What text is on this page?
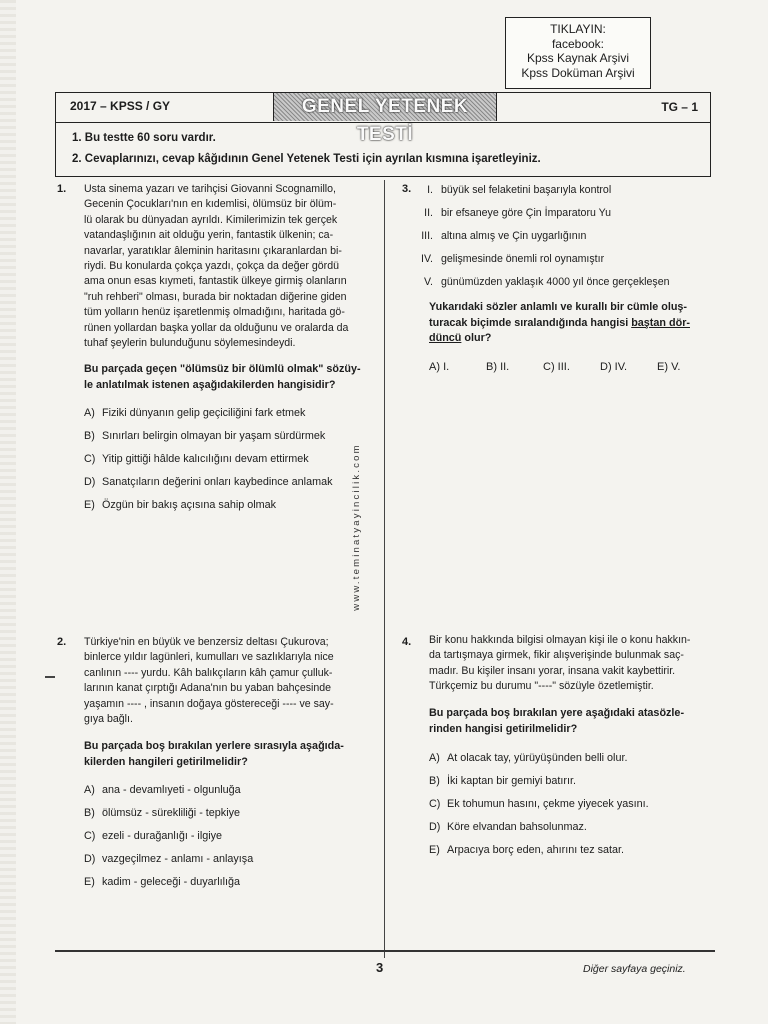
TIKLAYIN:
facebook:
Kpss Kaynak Arşivi
Kpss Doküman Arşivi
2017 – KPSS / GY	GENEL YETENEK TESTİ
TG – 1
1. Bu testte 60 soru vardır.
2. Cevaplarınızı, cevap kâğıdının Genel Yetenek Testi için ayrılan kısmına işaretleyiniz.
www.teminatyayincilik.com
1. Usta sinema yazarı ve tarihçisi Giovanni Scognamillo,
Gecenin Çocukları'nın en kıdemlisi, ölümsüz bir ölüm-
lü olarak bu dünyadan ayrıldı. Kimilerimizin tek gerçek
vatandaşlığının ait olduğu yerin, fantastik ülkenin; ca-
navarlar, yaratıklar âleminin haritasını çıkaranlardan bi-
riydi. Bu konularda çokça yazdı, çokça da değer gördü
ama onun esas kıymeti, fantastik ülkeye girmiş olanların
"ruh rehberi" olması, burada bir noktadan diğerine giden
tüm yolların henüz işaretlenmiş olmadığını, haritada gö-
rünen yollardan başka yollar da olduğunu ve oralarda da
tuhaf şeylerin bulunduğunu söylemesindeydi.
Bu parçada geçen "ölümsüz bir ölümlü olmak" sözüy-
le anlatılmak istenen aşağıdakilerden hangisidir?
A) Fiziki dünyanın gelip geçiciliğini fark etmek
B) Sınırları belirgin olmayan bir yaşam sürdürmek
C) Yitip gittiği hâlde kalıcılığını devam ettirmek
D) Sanatçıların değerini onları kaybedince anlamak
E) Özgün bir bakış açısına sahip olmak
2. Türkiye'nin en büyük ve benzersiz deltası Çukurova;
binlerce yıldır lagünleri, kumulları ve sazlıklarıyla nice
canlının ---- yurdu. Kâh balıkçıların kâh çamur çulluk-
larının kanat çırptığı Adana'nın bu yaban bahçesinde
yaşamın ---- , insanın doğaya göstereceği ---- ve say-
gıya bağlı.
Bu parçada boş bırakılan yerlere sırasıyla aşağıda-
kilerden hangileri getirilmelidir?
A) ana - devamlıyeti - olgunluğa
B) ölümsüz - sürekliliği - tepkiye
C) ezeli - durağanlığı - ilgiye
D) vazgeçilmez - anlamı - anlayışa
E) kadim - geleceği - duyarlılığa
3.	I. büyük sel felaketini başarıyla kontrol
II. bir efsaneye göre Çin İmparatoru Yu
III. altına almış ve Çin uygarlığının
IV. gelişmesinde önemli rol oynamıştır
V. günümüzden yaklaşık 4000 yıl önce gerçekleşen
Yukarıdaki sözler anlamlı ve kurallı bir cümle oluş-
turacak biçimde sıralandığında hangisi baştan dör-
düncü olur?
A) I.	B) II.	C) III.	D) IV.	E) V.
4. Bir konu hakkında bilgisi olmayan kişi ile o konu hakkın-
da tartışmaya girmek, fikir alışverişinde bulunmak saç-
madır. Bu kişiler insanı yorar, insana vakit kaybettirir.
Türkçemiz bu durumu "----" sözüyle özetlemiştir.
Bu parçada boş bırakılan yere aşağıdaki atasözle-
rinden hangisi getirilmelidir?
A) At olacak tay, yürüyüşünden belli olur.
B) İki kaptan bir gemiyi batırır.
C) Ek tohumun hasını, çekme yiyecek yasını.
D) Köre elvandan bahsolunmaz.
E) Arpacıya borç eden, ahırını tez satar.
3	Diğer sayfaya geçiniz.
